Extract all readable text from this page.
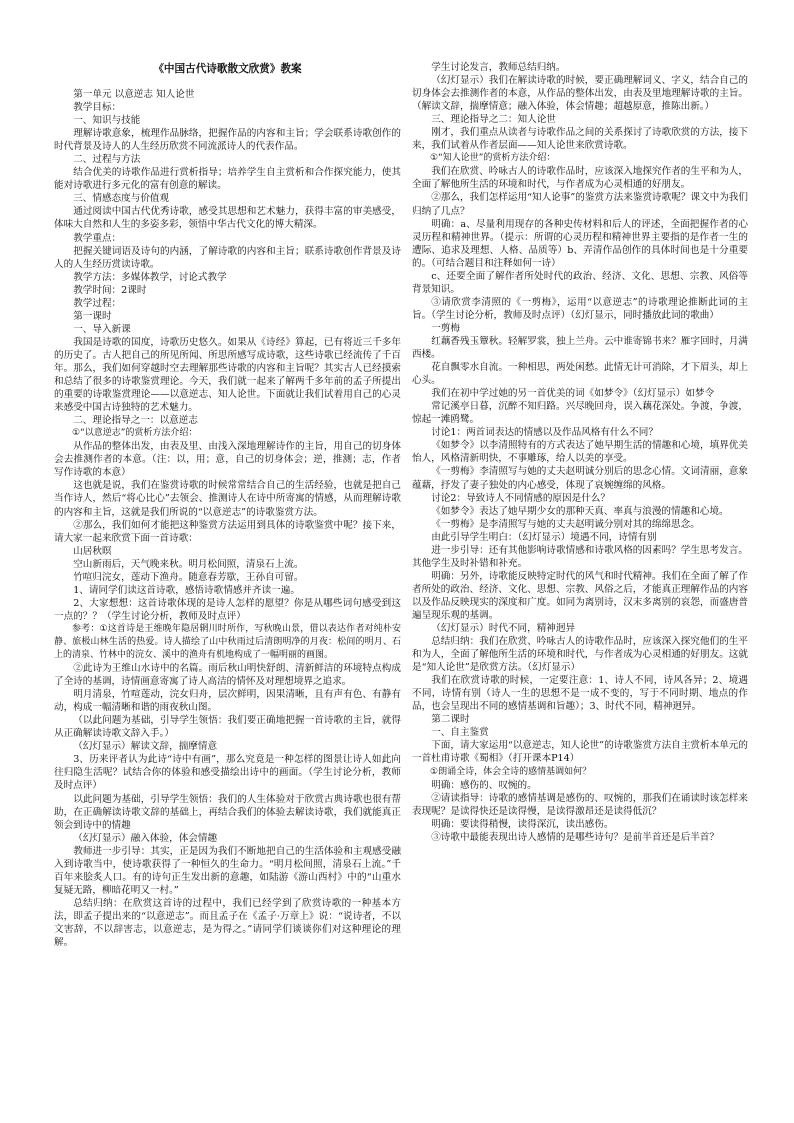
《中国古代诗歌散文欣赏》教案

第一单元 以意逆志 知人论世

教学目标：

一、知识与技能

理解诗歌意象，梳理作品脉络，把握作品的内容和主旨；学会联系诗歌创作的时代背景及诗人的人生经历欣赏不同流派诗人的代表作品。

二、过程与方法

结合优美的诗歌作品进行赏析指导；培养学生自主赏析和合作探究能力，使其能对诗歌进行多元化的富有创意的解读。

三、情感态度与价值观

通过阅读中国古代优秀诗歌，感受其思想和艺术魅力，获得丰富的审美感受，体味大自然和人生的多姿多彩，领悟中华古代文化的博大精深。

教学重点：

把握关键词语及诗句的内涵，了解诗歌的内容和主旨；联系诗歌创作背景及诗人的人生经历赏读诗歌。

教学方法：多媒体教学，讨论式教学

教学时间：2课时

教学过程：

第一课时

一、导入新课

我国是诗歌的国度，诗歌历史悠久。如果从《诗经》算起，已有将近三千多年的历史了。古人把自己的所见所闻、所思所感写成诗歌，这些诗歌已经流传了千百年。那么，我们如何穿越时空去理解那些诗歌的内容和主旨呢？其实古人已经摸索和总结了很多的诗歌鉴赏理论。今天，我们就一起来了解两千多年前的孟子所提出的重要的诗歌鉴赏理论——以意逆志、知人论世。下面就让我们试着用自己的心灵来感受中国古诗独特的艺术魅力。

二、理论指导之一：以意逆志

①“以意逆志”的赏析方法介绍：

从作品的整体出发，由表及里、由浅入深地理解诗作的主旨，用自己的切身体会去推测作者的本意。（注：以，用；意，自己的切身体会；逆，推测；志，作者写作诗歌的本意）

这也就是说，我们在鉴赏诗歌的时候常常结合自己的生活经验，也就是把自己当作诗人，然后“将心比心”去领会、推测诗人在诗中所寄寓的情感，从而理解诗歌的内容和主旨，这就是我们所说的“以意逆志”的诗歌鉴赏方法。

②那么，我们如何才能把这种鉴赏方法运用到具体的诗歌鉴赏中呢？接下来，请大家一起来欣赏下面一首诗歌：

山居秋暝

空山新雨后，天气晚来秋。明月松间照，清泉石上流。

竹喧归浣女，莲动下渔舟。随意春芳歇，王孙自可留。

1、请同学们读这首诗歌，感悟诗歌情感并齐读一遍。

2、大家想想：这首诗歌体现的是诗人怎样的愿望？你是从哪些词句感受到这一点的？？（学生讨论分析，教师及时点评）

参考：①这首诗是王维晚年隐居辋川时所作，写秋晚山景，借以表达作者对纯朴安静、旅极山林生活的热爱。诗人描绘了山中秋雨过后清朗明净的月夜：松间的明月、石上的清泉、竹林中的浣女、溪中的渔舟有机地构成了一幅明丽的画图。

②此诗为王维山水诗中的名篇。雨后秋山明快舒朗、清新鲜洁的环境特点构成了全诗的基调，诗情画意寄寓了诗人高洁的情怀及对理想境界之追求。

明月清泉，竹喧莲动，浣女归舟，层次鲜明，因果清晰，且有声有色、有静有动，构成一幅清晰和谐的雨夜秋山图。

（以此问题为基础，引导学生领悟：我们要正确地把握一首诗歌的主旨，就得从正确解读诗歌文辞入手。）

（幻灯显示）解读文辞，揣摩情意

3、历来评者认为此诗“诗中有画”，那么究竟是一种怎样的图景让诗人如此向往归隐生活呢？试结合你的体验和感受描绘出诗中的画面。（学生讨论分析，教师及时点评）

以此问题为基础，引导学生领悟：我们的人生体验对于欣赏古典诗歌也很有帮助，在正确解读诗歌文辞的基础上，再结合我们的体验去解读诗歌，我们就能真正领会到诗中的情趣

（幻灯显示）融入体验，体会情趣

教师进一步引导：其实，正是因为我们不断地把自己的生活体验和主观感受融入到诗歌当中，使诗歌获得了一种恒久的生命力。“明月松间照，清泉石上流。”千百年来脍炙人口。有的诗句正生发出新的意趣，如陆游《游山西村》中的“山重水复疑无路，柳暗花明又一村。”

总结归纳：在欣赏这首诗的过程中，我们已经学到了欣赏诗歌的一种基本方法，即孟子提出来的“以意逆志”。而且孟子在《孟子·万章上》说：“说诗者，不以文害辞，不以辞害志，以意逆志，是为得之。”请同学们谈谈你们对这种理论的理解。

学生讨论发言，教师总结归纳。

（幻灯显示）我们在解读诗歌的时候，要正确理解词义、字义，结合自己的切身体会去推测作者的本意，从作品的整体出发，由表及里地理解诗歌的主旨。（解读文辞，揣摩情意；融入体验，体会情趣；超越原意，推陈出新。）

三、理论指导之二：知人论世

刚才，我们重点从读者与诗歌作品之间的关系探讨了诗歌欣赏的方法，接下来，我们试着从作者层面——知人论世来欣赏诗歌。

①“知人论世”的赏析方法介绍：

我们在欣赏、吟咏古人的诗歌作品时，应该深入地探究作者的生平和为人，全面了解他所生活的环境和时代，与作者成为心灵相通的好朋友。

②那么，我们怎样运用“知人论事”的鉴赏方法来鉴赏诗歌呢？课文中为我们归纳了几点？

明确：a、尽量利用现存的各种史传材料和后人的评述，全面把握作者的心灵历程和精神世界。（提示：所谓的心灵历程和精神世界主要指的是作者一生的遭际、追求及理想、人格、品质等）b、弄清作品创作的具体时间也是十分重要的。（可结合题目和注释如何一诗）

c、还要全面了解作者所处时代的政治、经济、文化、思想、宗教、风俗等背景知识。

③请欣赏李清照的《一剪梅》，运用“以意逆志”的诗歌理论推断此词的主旨。（学生讨论分析，教师及时点评）（幻灯显示，同时播放此词的歌曲）

一剪梅

红藕香残玉簟秋。轻解罗裳，独上兰舟。云中谁寄锦书来？雁字回时，月满西楼。

花自飘零水自流。一种相思，两处闲愁。此情无计可消除，才下眉头，却上心头。

我们在初中学过她的另一首优美的词《如梦令》（幻灯显示）如梦令

常记溪亭日暮，沉醉不知归路。兴尽晚回舟，误入藕花深处。争渡，争渡，惊起一滩鸥鹭。

讨论1：两首词表达的情感以及作品风格有什么不同？

《如梦令》以李清照特有的方式表达了她早期生活的情趣和心境，填界优美怡人，风格清新明快，不事雕琢，给人以美的享受。

《一剪梅》李清照写与她的丈夫赵明诚分别后的思念心情。文词清丽，意象蕴藉，抒发了妻子独处的内心感受，体现了哀婉缠绵的风格。

讨论2：导致诗人不同情感的原因是什么？

《如梦令》表达了她早期少女的那种天真、率真与浪漫的情趣和心境。

《一剪梅》是李清照写与她的丈夫赵明诚分别对其的绵绵思念。

由此引导学生明白：（幻灯显示）境遇不同，诗情有别

进一步引导：还有其他影响诗歌情感和诗歌风格的因素吗？学生思考发言。其他学生及时补错和补充。

明确：另外，诗歌能反映特定时代的风气和时代精神。我们在全面了解了作者所处的政治、经济、文化、思想、宗教、风俗之后，才能真正理解作品的内容以及作品反映现实的深度和广度。如同为离别诗，汉末多离别的哀怨，而盛唐普遍呈现乐观的基调。

（幻灯显示）时代不同，精神迥异

总结归纳：我们在欣赏、吟咏古人的诗歌作品时，应该深入探究他们的生平和为人，全面了解他所生活的环境和时代，与作者成为心灵相通的好朋友。这就是“知人论世”是欣赏方法。（幻灯显示）

我们在欣赏诗歌的时候，一定要注意：1、诗人不同，诗风各异；2、境遇不同，诗情有别（诗人一生的思想不是一成不变的，写于不同时期、地点的作品，也会呈现出不同的感情基调和旨趣）；3、时代不同，精神迥异。

第二课时

一、自主鉴赏

下面，请大家运用“以意逆志，知人论世”的诗歌鉴赏方法自主赏析本单元的一首杜甫诗歌《蜀相》（打开课本P14）

①朗诵全诗，体会全诗的感情基调如何？

明确：感伤的、叹惋的。

②请读指导：诗歌的感情基调是感伤的、叹惋的，那我们在诵读时该怎样来表现呢？是读得快还是读得慢，是读得激昂还是读得低沉？

明确：要读得稍慢，读得深沉，读出感伤。

③诗歌中最能表现出诗人感情的是哪些诗句？是前半首还是后半首？
